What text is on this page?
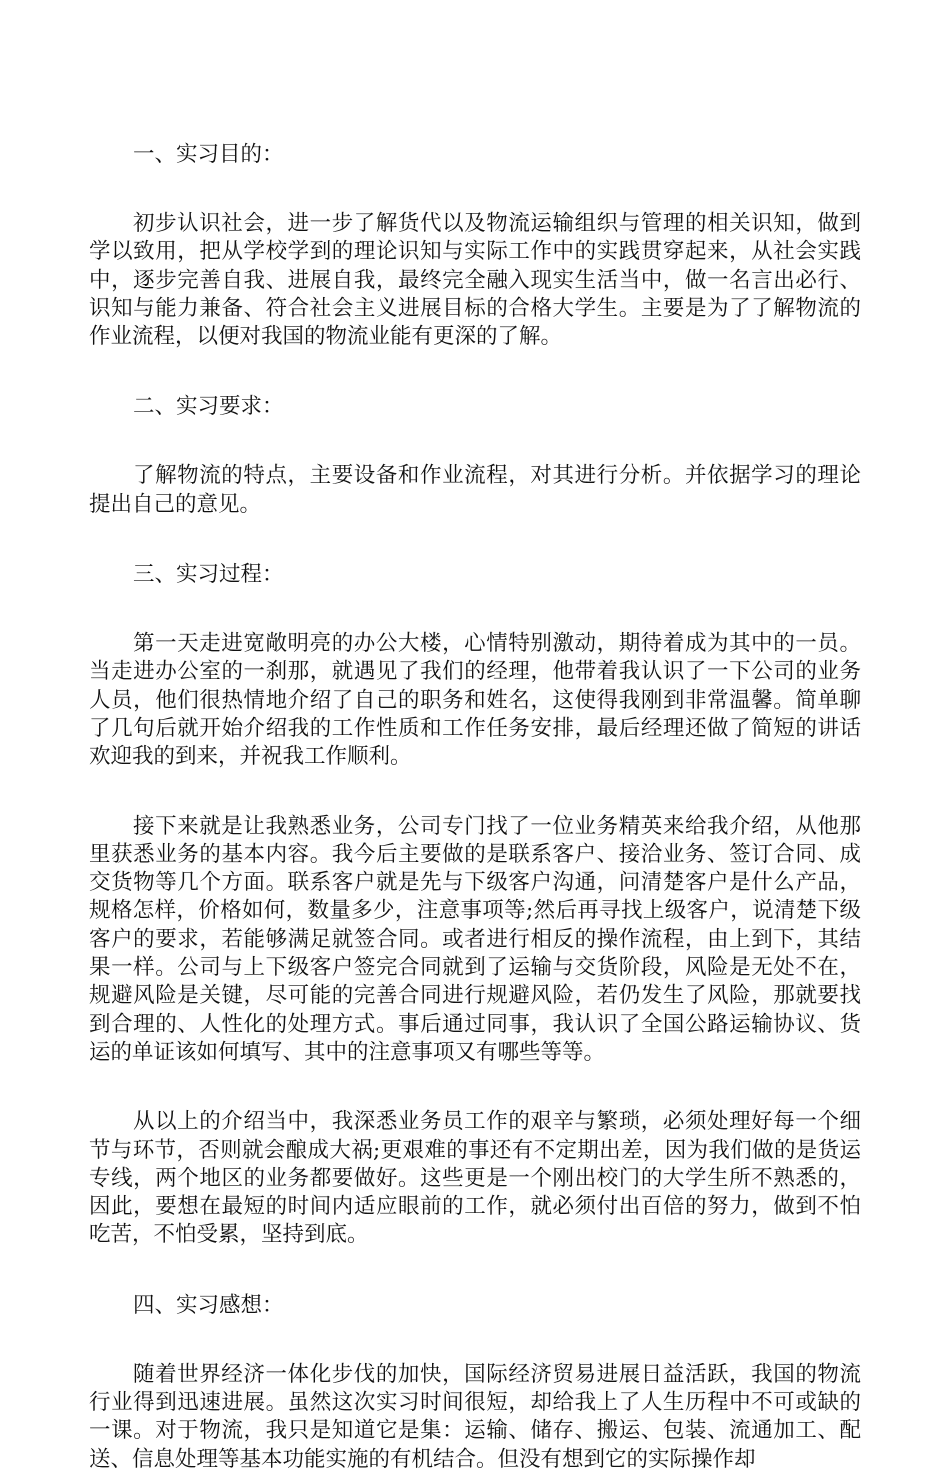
一、实习目的：

初步认识社会，进一步了解货代以及物流运输组织与管理的相关识知，做到学以致用，把从学校学到的理论识知与实际工作中的实践贯穿起来，从社会实践中，逐步完善自我、进展自我，最终完全融入现实生活当中，做一名言出必行、识知与能力兼备、符合社会主义进展目标的合格大学生。主要是为了了解物流的作业流程，以便对我国的物流业能有更深的了解。

二、实习要求：

了解物流的特点，主要设备和作业流程，对其进行分析。并依据学习的理论提出自己的意见。

三、实习过程：

第一天走进宽敞明亮的办公大楼，心情特别激动，期待着成为其中的一员。当走进办公室的一刹那，就遇见了我们的经理，他带着我认识了一下公司的业务人员，他们很热情地介绍了自己的职务和姓名，这使得我刚到非常温馨。简单聊了几句后就开始介绍我的工作性质和工作任务安排，最后经理还做了简短的讲话欢迎我的到来，并祝我工作顺利。

接下来就是让我熟悉业务，公司专门找了一位业务精英来给我介绍，从他那里获悉业务的基本内容。我今后主要做的是联系客户、接洽业务、签订合同、成交货物等几个方面。联系客户就是先与下级客户沟通，问清楚客户是什么产品，规格怎样，价格如何，数量多少，注意事项等;然后再寻找上级客户，说清楚下级客户的要求，若能够满足就签合同。或者进行相反的操作流程，由上到下，其结果一样。公司与上下级客户签完合同就到了运输与交货阶段，风险是无处不在，规避风险是关键，尽可能的完善合同进行规避风险，若仍发生了风险，那就要找到合理的、人性化的处理方式。事后通过同事，我认识了全国公路运输协议、货运的单证该如何填写、其中的注意事项又有哪些等等。

从以上的介绍当中，我深悉业务员工作的艰辛与繁琐，必须处理好每一个细节与环节，否则就会酿成大祸;更艰难的事还有不定期出差，因为我们做的是货运专线，两个地区的业务都要做好。这些更是一个刚出校门的大学生所不熟悉的，因此，要想在最短的时间内适应眼前的工作，就必须付出百倍的努力，做到不怕吃苦，不怕受累，坚持到底。

四、实习感想：

随着世界经济一体化步伐的加快，国际经济贸易进展日益活跃，我国的物流行业得到迅速进展。虽然这次实习时间很短，却给我上了人生历程中不可或缺的一课。对于物流，我只是知道它是集：运输、储存、搬运、包装、流通加工、配送、信息处理等基本功能实施的有机结合。但没有想到它的实际操作却
